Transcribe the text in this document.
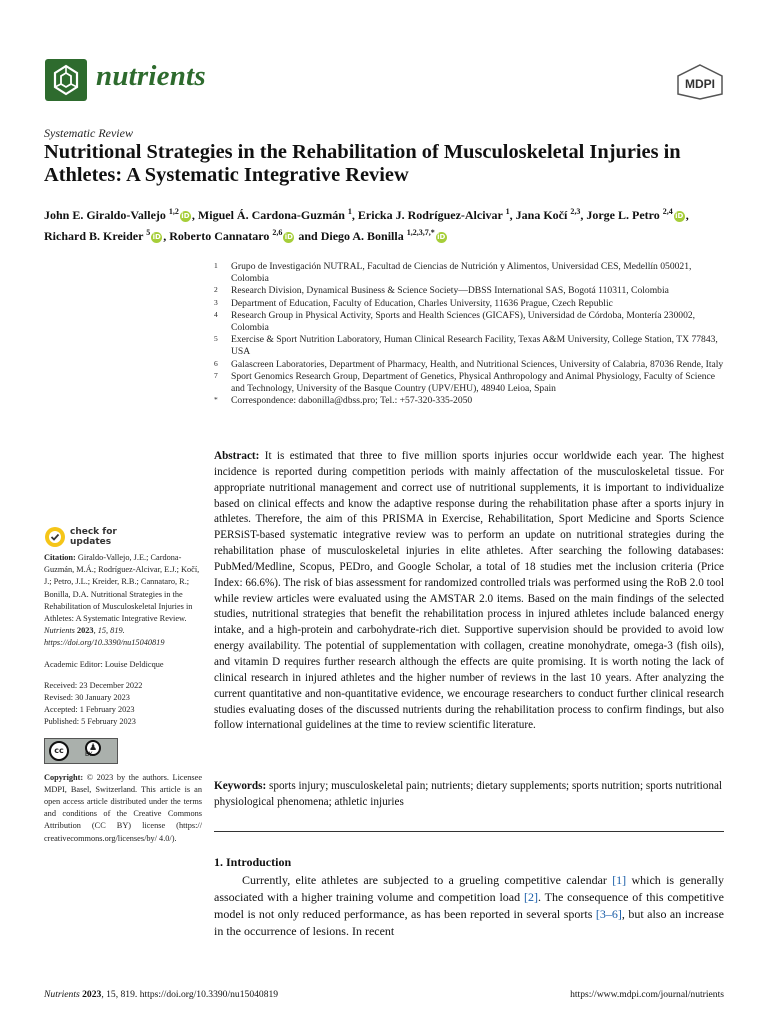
nutrients	MDPI
Systematic Review
Nutritional Strategies in the Rehabilitation of Musculoskeletal Injuries in Athletes: A Systematic Integrative Review
John E. Giraldo-Vallejo $^{1,2}$ iD , Miguel Á. Cardona-Guzmán $^1$, Ericka J. Rodríguez-Alcivar $^1$, Jana Kočí $^{2,3}$, Jorge L. Petro $^{2,4}$ iD , Richard B. Kreider $^5$ iD , Roberto Cannataro $^{2,6}$ iD and Diego A. Bonilla $^{1,2,3,7,*}$ iD
1	Grupo de Investigación NUTRAL, Facultad de Ciencias de Nutrición y Alimentos, Universidad CES, Medellín 050021, Colombia
2	Research Division, Dynamical Business & Science Society—DBSS International SAS, Bogotá 110311, Colombia
3	Department of Education, Faculty of Education, Charles University, 11636 Prague, Czech Republic
4	Research Group in Physical Activity, Sports and Health Sciences (GICAFS), Universidad de Córdoba, Montería 230002, Colombia
5	Exercise & Sport Nutrition Laboratory, Human Clinical Research Facility, Texas A&M University, College Station, TX 77843, USA
6	Galascreen Laboratories, Department of Pharmacy, Health, and Nutritional Sciences, University of Calabria, 87036 Rende, Italy
7	Sport Genomics Research Group, Department of Genetics, Physical Anthropology and Animal Physiology, Faculty of Science and Technology, University of the Basque Country (UPV/EHU), 48940 Leioa, Spain
*	Correspondence: dabonilla@dbss.pro; Tel.: +57-320-335-2050
Abstract: It is estimated that three to five million sports injuries occur worldwide each year. The highest incidence is reported during competition periods with mainly affectation of the musculoskeletal tissue. For appropriate nutritional management and correct use of nutritional supplements, it is important to individualize based on clinical effects and know the adaptive response during the rehabilitation phase after a sports injury in athletes. Therefore, the aim of this PRISMA in Exercise, Rehabilitation, Sport Medicine and Sports Science PERSiST-based systematic integrative review was to perform an update on nutritional strategies during the rehabilitation phase of musculoskeletal injuries in elite athletes. After searching the following databases: PubMed/Medline, Scopus, PEDro, and Google Scholar, a total of 18 studies met the inclusion criteria (Price Index: 66.6%). The risk of bias assessment for randomized controlled trials was performed using the RoB 2.0 tool while review articles were evaluated using the AMSTAR 2.0 items. Based on the main findings of the selected studies, nutritional strategies that benefit the rehabilitation process in injured athletes include balanced energy intake, and a high-protein and carbohydrate-rich diet. Supportive supervision should be provided to avoid low energy availability. The potential of supplementation with collagen, creatine monohydrate, omega-3 (fish oils), and vitamin D requires further research although the effects are quite promising. It is worth noting the lack of clinical research in injured athletes and the higher number of reviews in the last 10 years. After analyzing the current quantitative and non-quantitative evidence, we encourage researchers to conduct further clinical research studies evaluating doses of the discussed nutrients during the rehabilitation process to confirm findings, but also follow international guidelines at the time to review scientific literature.
Keywords: sports injury; musculoskeletal pain; nutrients; dietary supplements; sports nutrition; sports nutritional physiological phenomena; athletic injuries
1. Introduction
Currently, elite athletes are subjected to a grueling competitive calendar [1] which is generally associated with a higher training volume and competition load [2]. The consequence of this competitive model is not only reduced performance, as has been reported in several sports [3–6], but also an increase in the occurrence of lesions. In recent
check for
updates

Citation: Giraldo-Vallejo, J.E.; Cardona-Guzmán, M.Á.; Rodríguez-Alcivar, E.J.; Kočí, J.; Petro, J.L.; Kreider, R.B.; Cannataro, R.; Bonilla, D.A. Nutritional Strategies in the Rehabilitation of Musculoskeletal Injuries in Athletes: A Systematic Integrative Review. Nutrients 2023, 15, 819. https://doi.org/10.3390/nu15040819

Academic Editor: Louise Deldicque

Received: 23 December 2022

Revised: 30 January 2023

Accepted: 1 February 2023

Published: 5 February 2023

cc	♟
BY

Copyright: © 2023 by the authors. Licensee MDPI, Basel, Switzerland. This article is an open access article distributed under the terms and conditions of the Creative Commons Attribution (CC BY) license (https:// creativecommons.org/licenses/by/ 4.0/).

Nutrients 2023, 15, 819. https://doi.org/10.3390/nu15040819	https://www.mdpi.com/journal/nutrients
